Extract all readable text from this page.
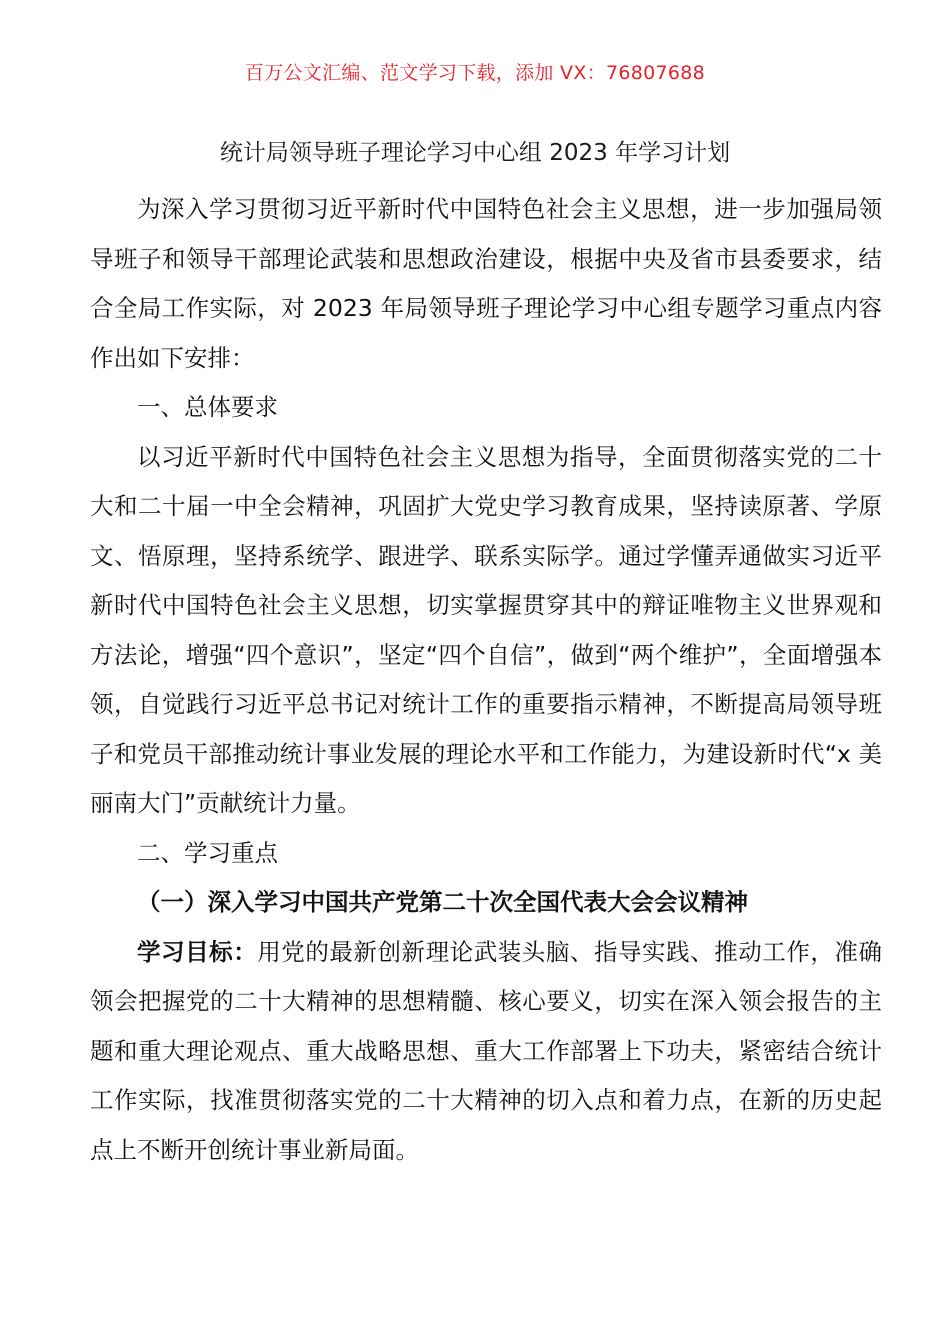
百万公文汇编、范文学习下载，添加 VX：76807688
统计局领导班子理论学习中心组 2023 年学习计划

为深入学习贯彻习近平新时代中国特色社会主义思想，进一步加强局领导班子和领导干部理论武装和思想政治建设，根据中央及省市县委要求，结合全局工作实际，对 2023 年局领导班子理论学习中心组专题学习重点内容作出如下安排：

一、总体要求

以习近平新时代中国特色社会主义思想为指导，全面贯彻落实党的二十大和二十届一中全会精神，巩固扩大党史学习教育成果，坚持读原著、学原文、悟原理，坚持系统学、跟进学、联系实际学。通过学懂弄通做实习近平新时代中国特色社会主义思想，切实掌握贯穿其中的辩证唯物主义世界观和方法论，增强“四个意识”，坚定“四个自信”，做到“两个维护”，全面增强本领，自觉践行习近平总书记对统计工作的重要指示精神，不断提高局领导班子和党员干部推动统计事业发展的理论水平和工作能力，为建设新时代“x 美丽南大门”贡献统计力量。

二、学习重点

（一）深入学习中国共产党第二十次全国代表大会会议精神

学习目标：用党的最新创新理论武装头脑、指导实践、推动工作，准确领会把握党的二十大精神的思想精髓、核心要义，切实在深入领会报告的主题和重大理论观点、重大战略思想、重大工作部署上下功夫，紧密结合统计工作实际，找准贯彻落实党的二十大精神的切入点和着力点，在新的历史起点上不断开创统计事业新局面。
